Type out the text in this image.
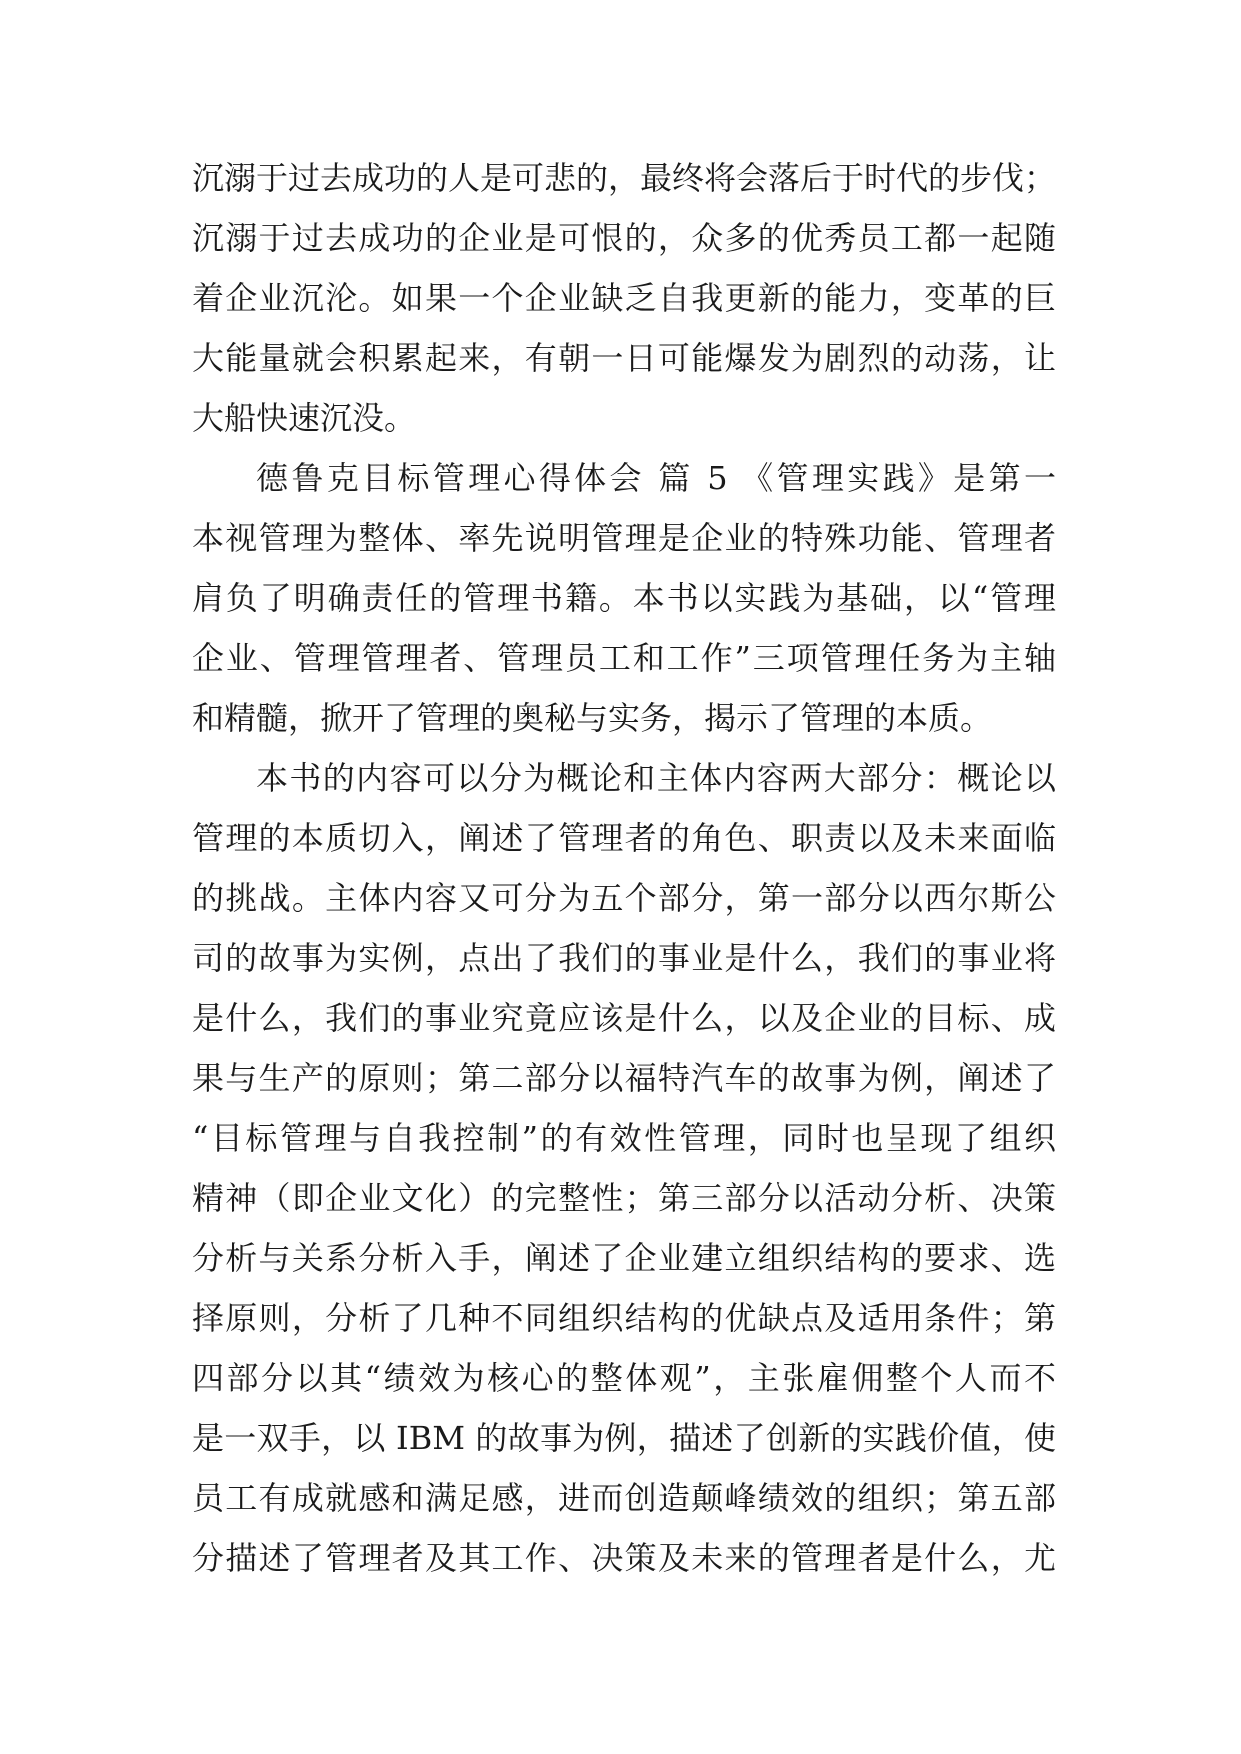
沉溺于过去成功的人是可悲的，最终将会落后于时代的步伐；
沉溺于过去成功的企业是可恨的，众多的优秀员工都一起随
着企业沉沦。如果一个企业缺乏自我更新的能力，变革的巨
大能量就会积累起来，有朝一日可能爆发为剧烈的动荡，让
大船快速沉没。
德鲁克目标管理心得体会 篇 5 《管理实践》是第一
本视管理为整体、率先说明管理是企业的特殊功能、管理者
肩负了明确责任的管理书籍。本书以实践为基础，以“管理
企业、管理管理者、管理员工和工作”三项管理任务为主轴
和精髓，掀开了管理的奥秘与实务，揭示了管理的本质。
本书的内容可以分为概论和主体内容两大部分：概论以
管理的本质切入，阐述了管理者的角色、职责以及未来面临
的挑战。主体内容又可分为五个部分，第一部分以西尔斯公
司的故事为实例，点出了我们的事业是什么，我们的事业将
是什么，我们的事业究竟应该是什么，以及企业的目标、成
果与生产的原则；第二部分以福特汽车的故事为例，阐述了
“目标管理与自我控制”的有效性管理，同时也呈现了组织
精神（即企业文化）的完整性；第三部分以活动分析、决策
分析与关系分析入手，阐述了企业建立组织结构的要求、选
择原则，分析了几种不同组织结构的优缺点及适用条件；第
四部分以其“绩效为核心的整体观”，主张雇佣整个人而不
是一双手，以 IBM 的故事为例，描述了创新的实践价值，使
员工有成就感和满足感，进而创造颠峰绩效的组织；第五部
分描述了管理者及其工作、决策及未来的管理者是什么，尤
